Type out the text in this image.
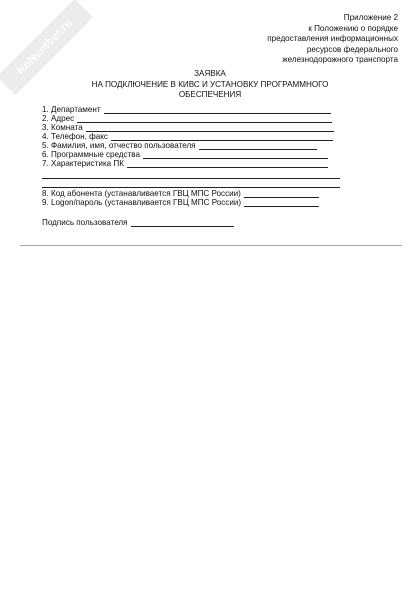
NoNumber.ru	Приложение 2
к Положению о порядке
предоставления информационных
ресурсов федерального
железнодорожного транспорта
ЗАЯВКА
НА ПОДКЛЮЧЕНИЕ В КИВС И УСТАНОВКУ ПРОГРАММНОГО
ОБЕСПЕЧЕНИЯ
1. Департамент
2. Адрес
3. Комната
4. Телефон, факс
5. Фамилия, имя, отчество пользователя
6. Программные средства
7. Характеристика ПК
8. Код абонента (устанавливается ГВЦ МПС России)
9. Logon/пароль (устанавливается ГВЦ МПС России)
Подпись пользователя
